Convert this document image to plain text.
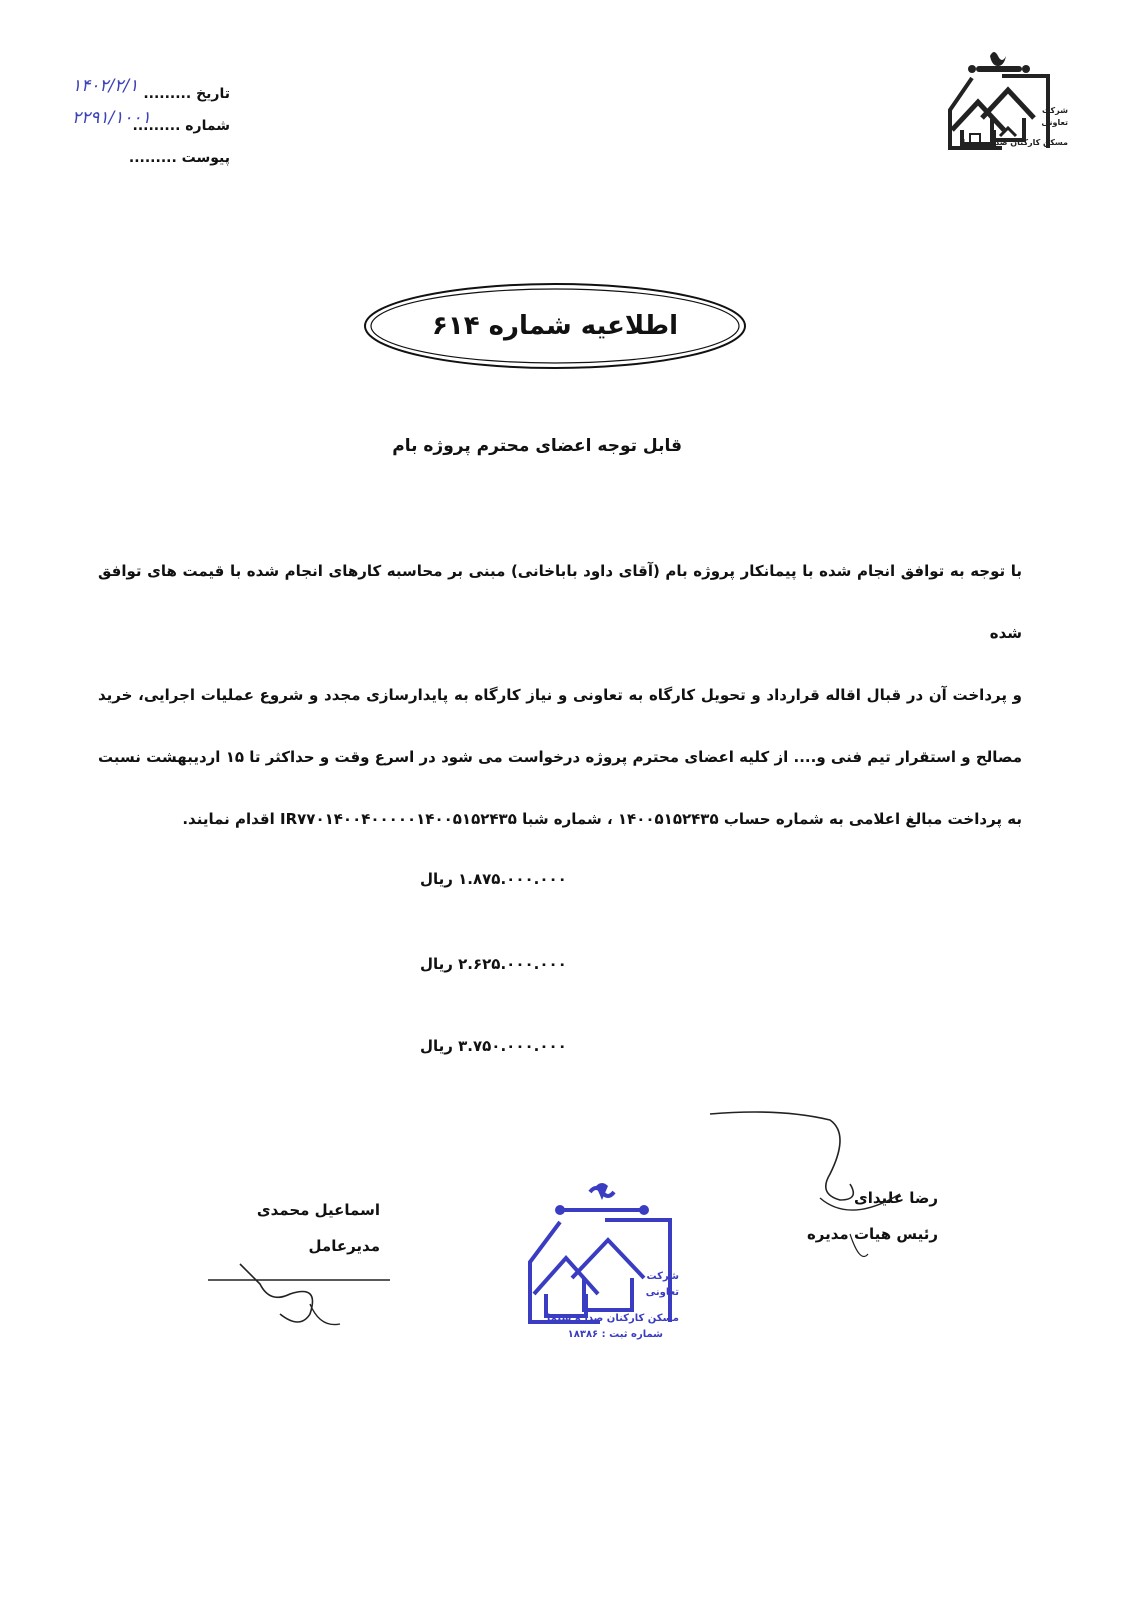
شرکت
تعاونی
مسکن کارکنان صدا و سیما
تاریخ .........
۱۴۰۲/۲/۱
شماره .........
۲۲۹۱/۱۰۰۱
پیوست .........
اطلاعیه شماره ۶۱۴
قابل توجه اعضای محترم پروژه بام
با توجه به توافق انجام شده با پیمانکار پروژه بام (آقای داود باباخانی) مبنی بر محاسبه کارهای انجام شده با قیمت های توافق شده
و پرداخت آن در قبال اقاله قرارداد و تحویل کارگاه به تعاونی و نیاز کارگاه به پایدارسازی مجدد و شروع عملیات اجرایی، خرید
مصالح و استقرار تیم فنی و.... از کلیه اعضای محترم پروژه درخواست می شود در اسرع وقت و حداکثر تا ۱۵ اردیبهشت نسبت
به پرداخت مبالغ اعلامی به شماره حساب ۱۴۰۰۵۱۵۲۴۳۵ ، شماره شبا IR۷۷۰۱۴۰۰۴۰۰۰۰۰۱۴۰۰۵۱۵۲۴۳۵ اقدام نمایند.
۱.۸۷۵.۰۰۰.۰۰۰ ریال
۲.۶۲۵.۰۰۰.۰۰۰ ریال
۳.۷۵۰.۰۰۰.۰۰۰ ریال
رضا علیدای
رئیس هیات مدیره
اسماعیل محمدی
مدیرعامل
شرکت
تعاونی
مسکن کارکنان صدا و سیما
شماره ثبت : ۱۸۳۸۶
